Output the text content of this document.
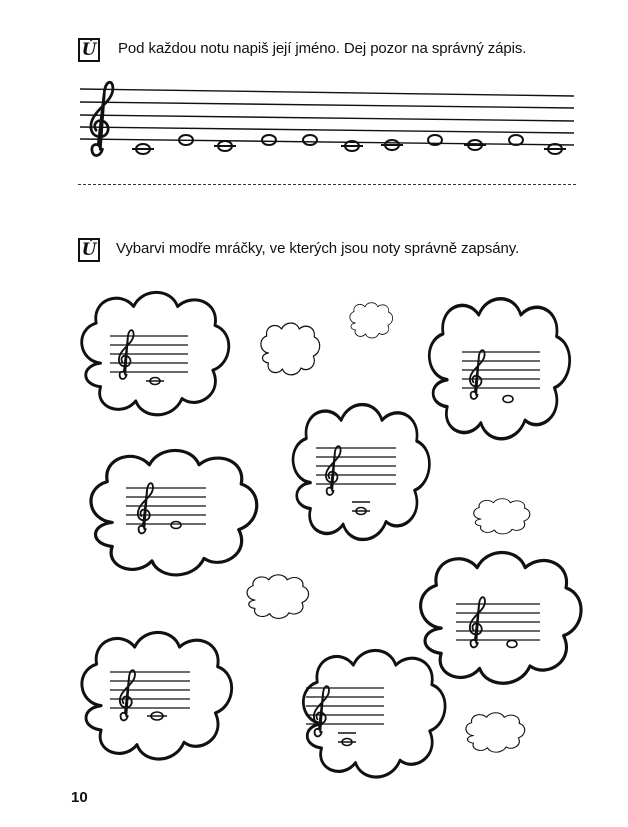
Ú Pod každou notu napiš její jméno. Dej pozor na správný zápis.
Ú Vybarvi modře mráčky, ve kterých jsou noty správně zapsány.
10
